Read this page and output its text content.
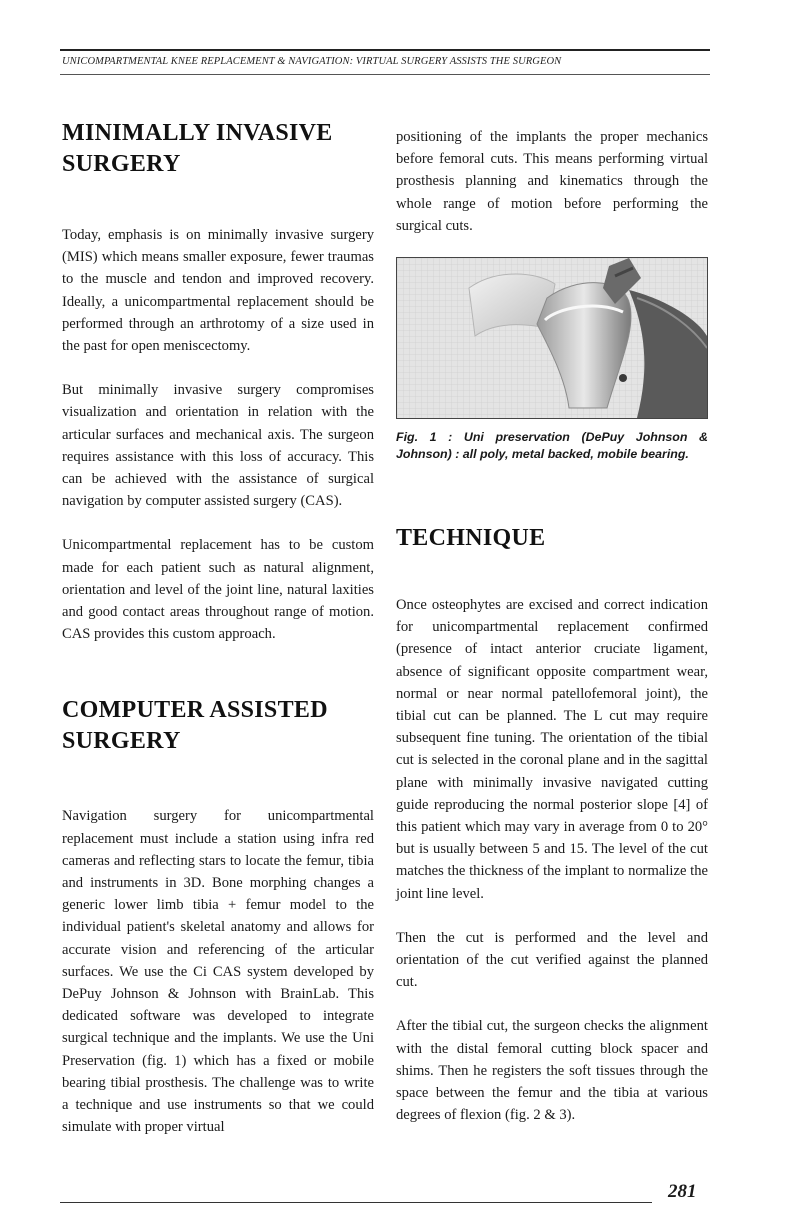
UNICOMPARTMENTAL KNEE REPLACEMENT & NAVIGATION: VIRTUAL SURGERY ASSISTS THE SURGEON
MINIMALLY INVASIVE
SURGERY

Today, emphasis is on minimally invasive surgery (MIS) which means smaller exposure, fewer traumas to the muscle and tendon and improved recovery. Ideally, a unicompartmental replacement should be performed through an arthrotomy of a size used in the past for open meniscectomy.

But minimally invasive surgery compromises visualization and orientation in relation with the articular surfaces and mechanical axis. The surgeon requires assistance with this loss of accuracy. This can be achieved with the assistance of surgical navigation by computer assisted surgery (CAS).

Unicompartmental replacement has to be custom made for each patient such as natural alignment, orientation and level of the joint line, natural laxities and good contact areas throughout range of motion. CAS provides this custom approach.

COMPUTER ASSISTED
SURGERY

Navigation surgery for unicompartmental replacement must include a station using infra red cameras and reflecting stars to locate the femur, tibia and instruments in 3D. Bone morphing changes a generic lower limb tibia + femur model to the individual patient's skeletal anatomy and allows for accurate vision and referencing of the articular surfaces. We use the Ci CAS system developed by DePuy Johnson & Johnson with BrainLab. This dedicated software was developed to integrate surgical technique and the implants. We use the Uni Preservation (fig. 1) which has a fixed or mobile bearing tibial prosthesis. The challenge was to write a technique and use instruments so that we could simulate with proper virtual

positioning of the implants the proper mechanics before femoral cuts. This means performing virtual prosthesis planning and kinematics through the whole range of motion before performing the surgical cuts.

Fig. 1 : Uni preservation (DePuy Johnson & Johnson) : all poly, metal backed, mobile bearing.

TECHNIQUE

Once osteophytes are excised and correct indication for unicompartmental replacement confirmed (presence of intact anterior cruciate ligament, absence of significant opposite compartment wear, normal or near normal patellofemoral joint), the tibial cut can be planned. The L cut may require subsequent fine tuning. The orientation of the tibial cut is selected in the coronal plane and in the sagittal plane with minimally invasive navigated cutting guide reproducing the normal posterior slope [4] of this patient which may vary in average from 0 to 20° but is usually between 5 and 15. The level of the cut matches the thickness of the implant to normalize the joint line level.

Then the cut is performed and the level and orientation of the cut verified against the planned cut.

After the tibial cut, the surgeon checks the alignment with the distal femoral cutting block spacer and shims. Then he registers the soft tissues through the space between the femur and the tibia at various degrees of flexion (fig. 2 & 3).

281
